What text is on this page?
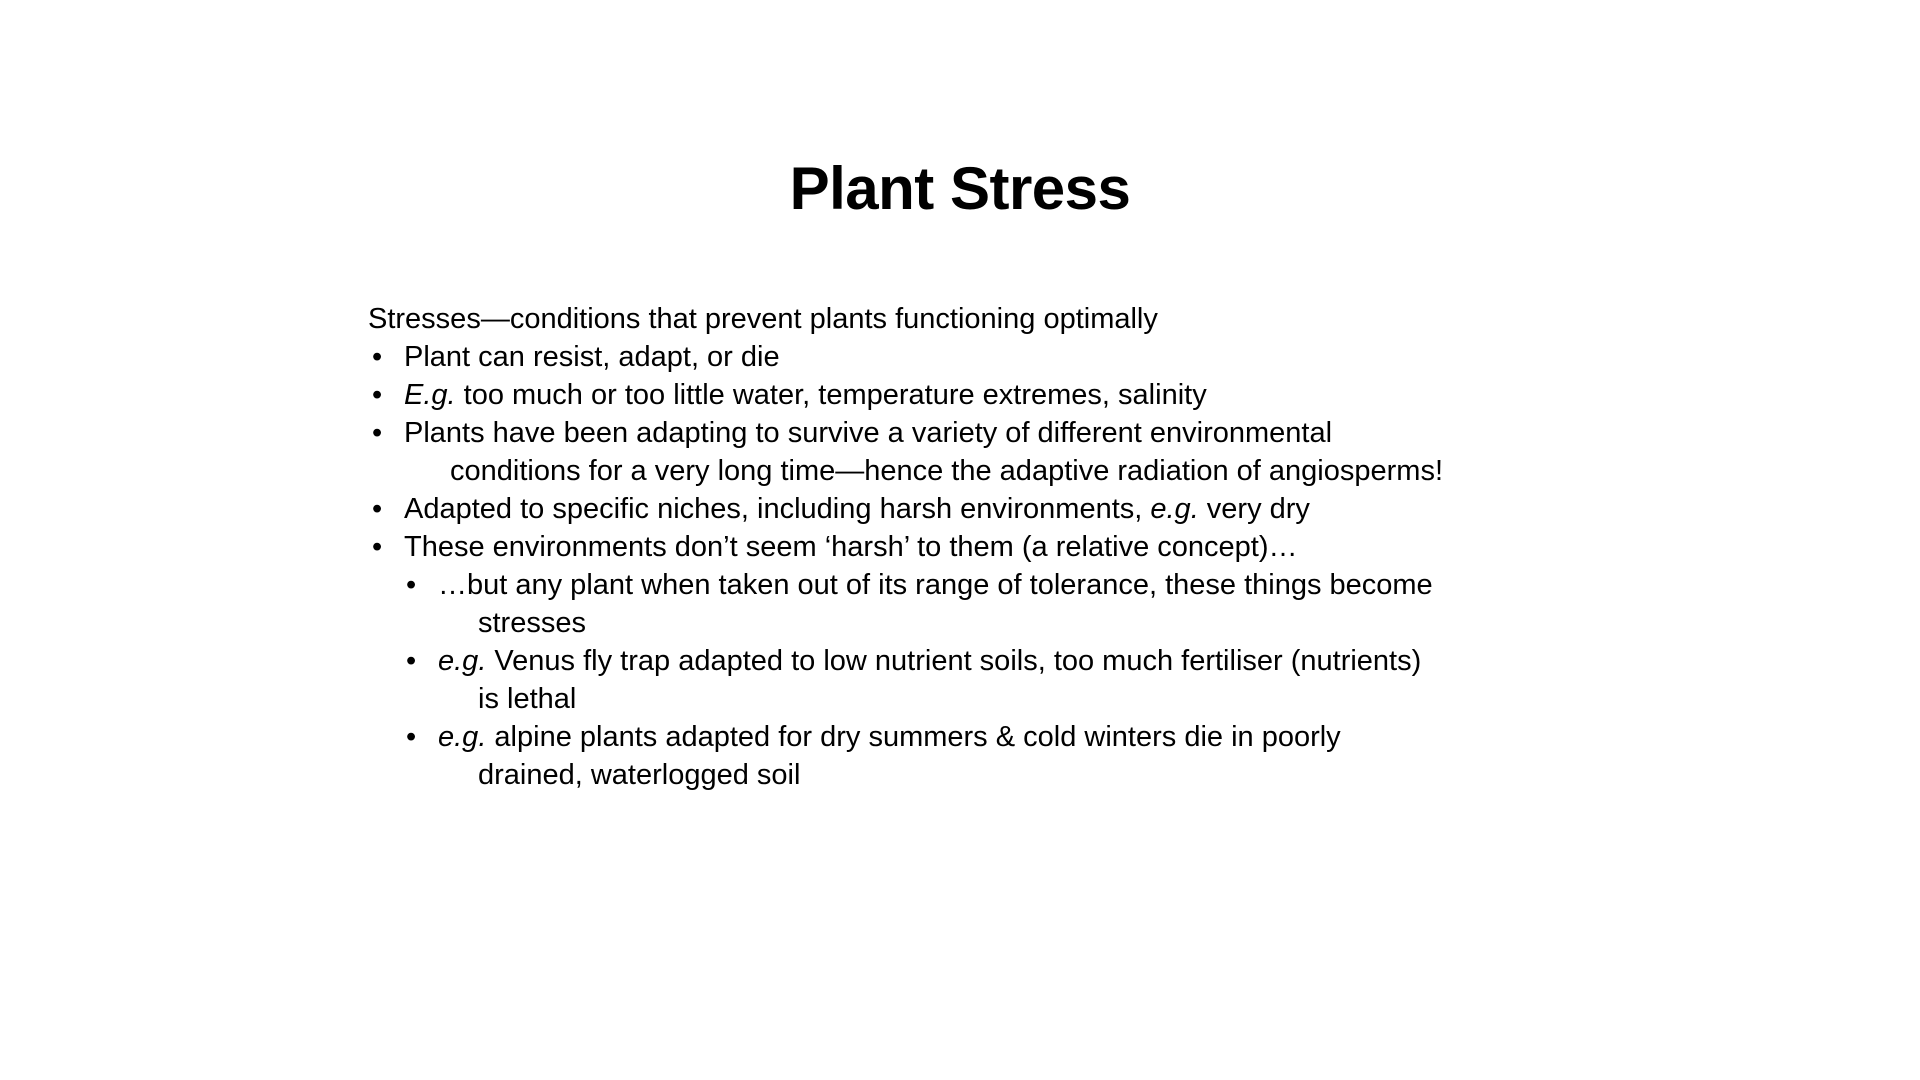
Plant Stress

Stresses—conditions that prevent plants functioning optimally

• Plant can resist, adapt, or die
• E.g. too much or too little water, temperature extremes, salinity
• Plants have been adapting to survive a variety of different environmental
conditions for a very long time—hence the adaptive radiation of angiosperms!
• Adapted to specific niches, including harsh environments, e.g. very dry
• These environments don’t seem ‘harsh’ to them (a relative concept)…
• …but any plant when taken out of its range of tolerance, these things become
stresses
• e.g. Venus fly trap adapted to low nutrient soils, too much fertiliser (nutrients)
is lethal
• e.g. alpine plants adapted for dry summers & cold winters die in poorly
drained, waterlogged soil
